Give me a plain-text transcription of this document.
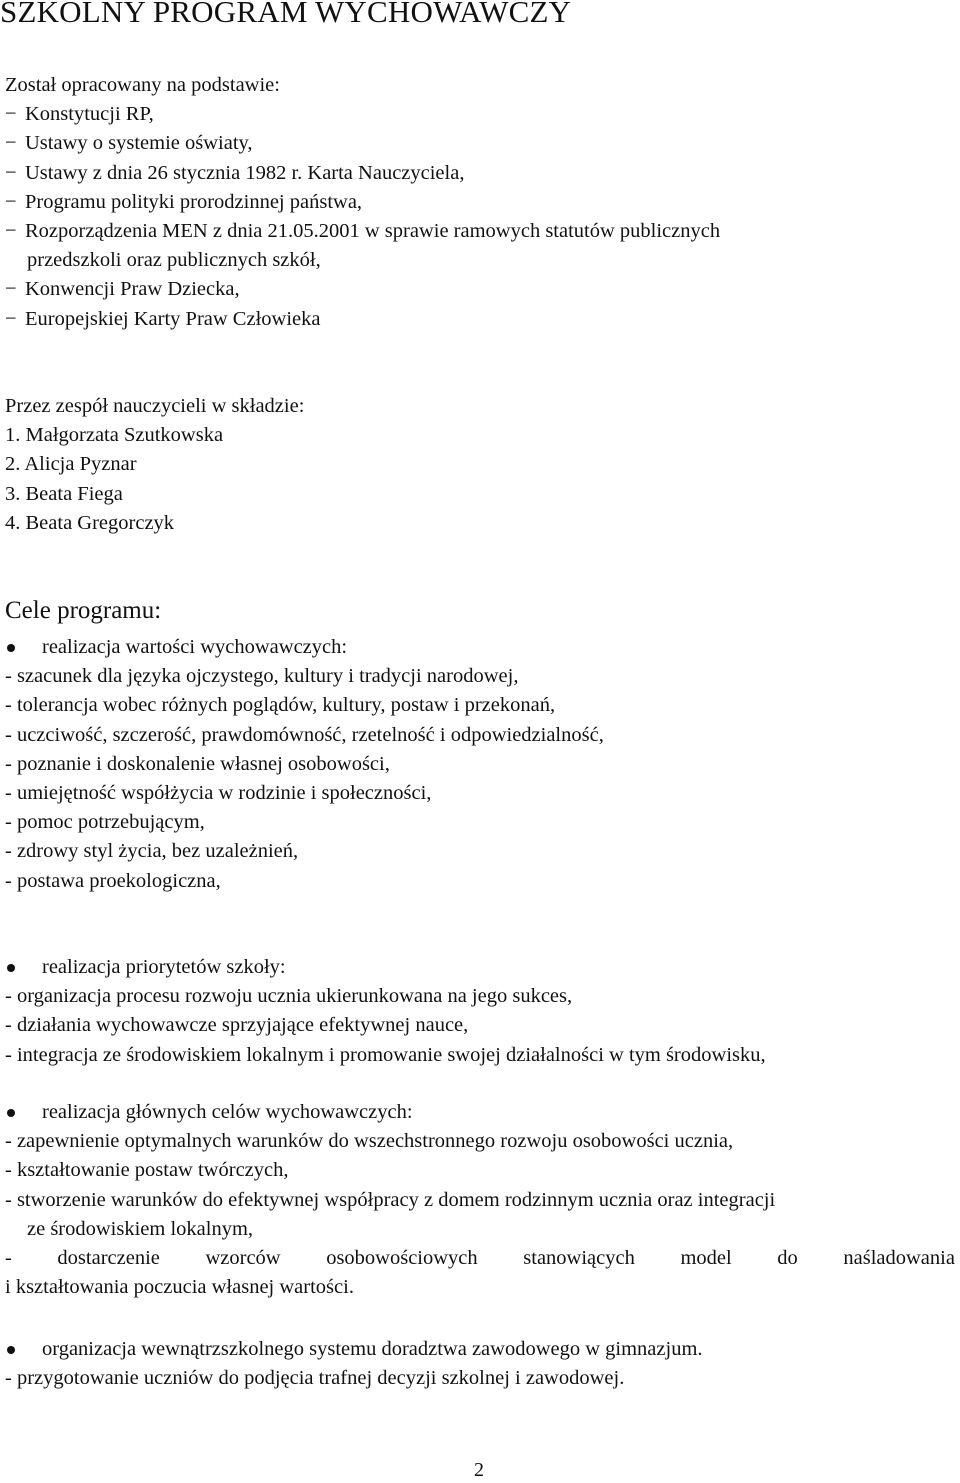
SZKOLNY PROGRAM WYCHOWAWCZY
Został opracowany na podstawie:
− Konstytucji RP,
− Ustawy o systemie oświaty,
− Ustawy z dnia 26 stycznia 1982 r. Karta Nauczyciela,
− Programu polityki prorodzinnej państwa,
− Rozporządzenia MEN z dnia 21.05.2001 w sprawie ramowych statutów publicznych
przedszkoli oraz publicznych szkół,
− Konwencji Praw Dziecka,
− Europejskiej Karty Praw Człowieka
Przez zespół nauczycieli w składzie:
1. Małgorzata Szutkowska
2. Alicja Pyznar
3. Beata Fiega
4. Beata Gregorczyk
Cele programu:
realizacja wartości wychowawczych:
- szacunek dla języka ojczystego, kultury i tradycji narodowej,
- tolerancja wobec różnych poglądów, kultury, postaw i przekonań,
- uczciwość, szczerość, prawdomówność, rzetelność i odpowiedzialność,
- poznanie i doskonalenie własnej osobowości,
- umiejętność współżycia w rodzinie i społeczności,
- pomoc potrzebującym,
- zdrowy styl życia, bez uzależnień,
- postawa proekologiczna,
realizacja priorytetów szkoły:
- organizacja procesu rozwoju ucznia ukierunkowana na jego sukces,
- działania wychowawcze sprzyjające efektywnej nauce,
- integracja ze środowiskiem lokalnym i promowanie swojej działalności w tym środowisku,
realizacja głównych celów wychowawczych:
- zapewnienie optymalnych warunków do wszechstronnego rozwoju osobowości ucznia,
- kształtowanie postaw twórczych,
- stworzenie warunków do efektywnej współpracy z domem rodzinnym ucznia oraz integracji
ze środowiskiem lokalnym,
- dostarczenie wzorców osobowościowych stanowiących model do naśladowania
i kształtowania poczucia własnej wartości.
organizacja wewnątrzszkolnego systemu doradztwa zawodowego w gimnazjum.
- przygotowanie uczniów do podjęcia trafnej decyzji szkolnej i zawodowej.
2
